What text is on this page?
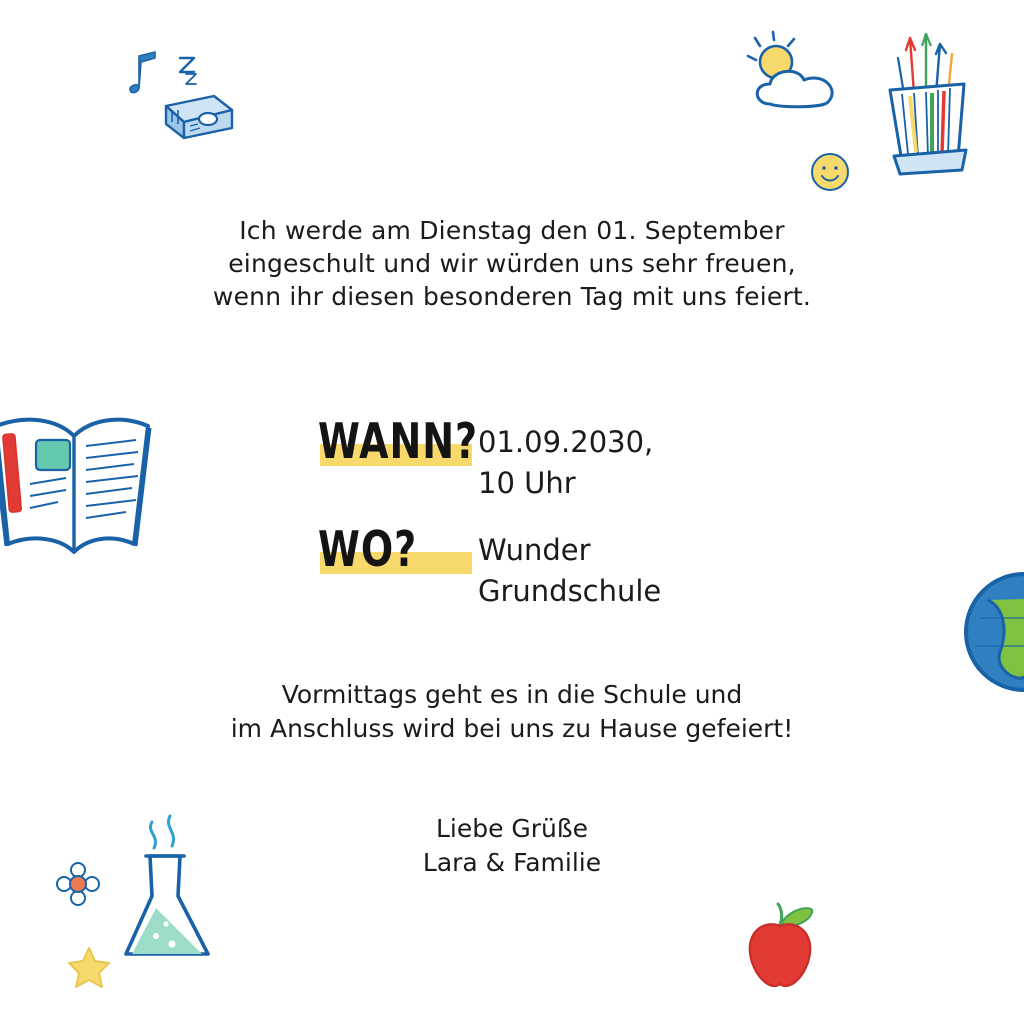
Ich werde am Dienstag den 01. September
eingeschult und wir würden uns sehr freuen,
wenn ihr diesen besonderen Tag mit uns feiert.
WANN? 01.09.2030,
10 Uhr
WO?	Wunder
Grundschule
Vormittags geht es in die Schule und
im Anschluss wird bei uns zu Hause gefeiert!
Liebe Grüße
Lara & Familie
